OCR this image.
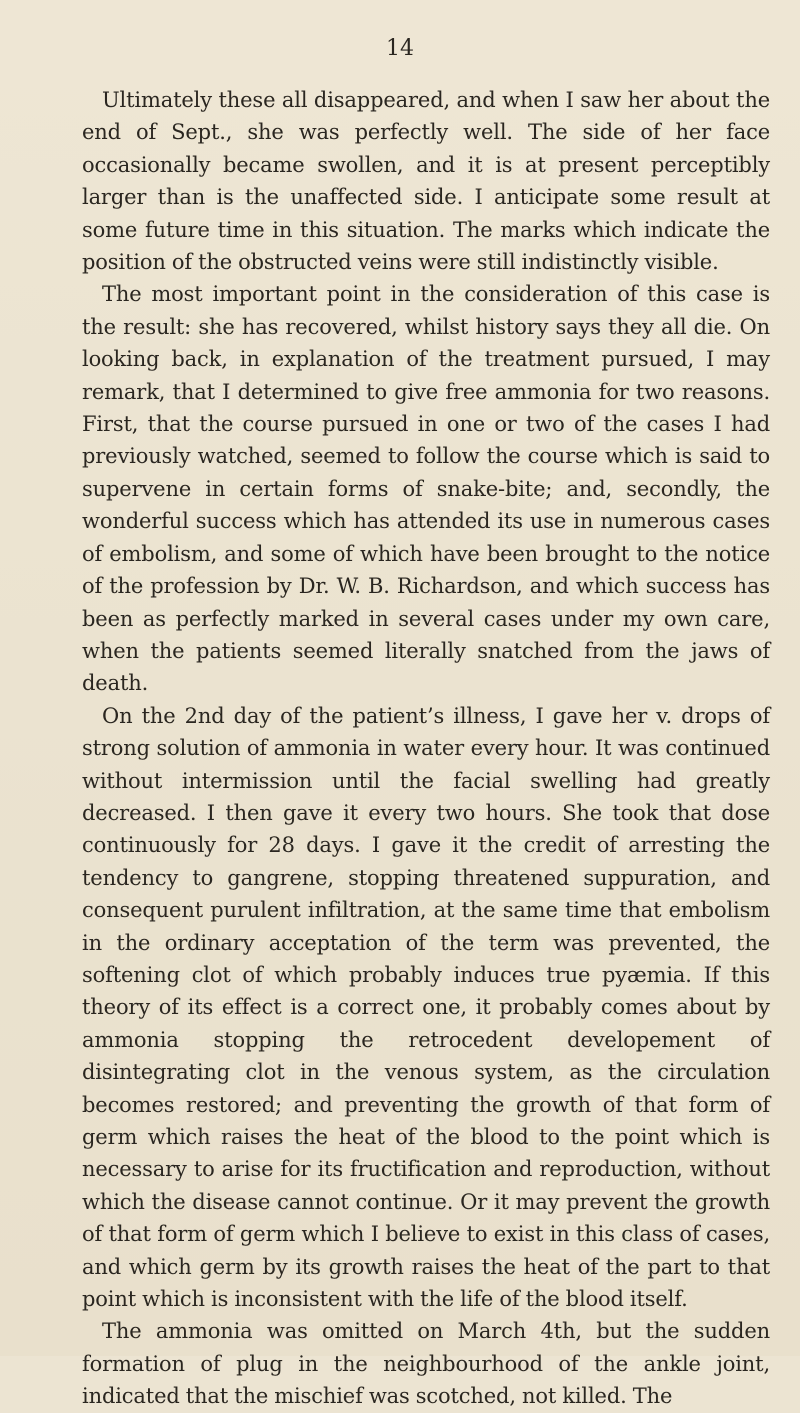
14

Ultimately these all disappeared, and when I saw her about the end of Sept., she was perfectly well. The side of her face occasionally became swollen, and it is at present perceptibly larger than is the unaffected side. I anticipate some result at some future time in this situation. The marks which indicate the position of the obstructed veins were still indistinctly visible.

The most important point in the consideration of this case is the result: she has recovered, whilst history says they all die. On looking back, in explanation of the treatment pursued, I may remark, that I determined to give free ammonia for two reasons. First, that the course pursued in one or two of the cases I had previously watched, seemed to follow the course which is said to supervene in certain forms of snake-bite; and, secondly, the wonderful success which has attended its use in numerous cases of embolism, and some of which have been brought to the notice of the profession by Dr. W. B. Richardson, and which success has been as perfectly marked in several cases under my own care, when the patients seemed literally snatched from the jaws of death.

On the 2nd day of the patient’s illness, I gave her v. drops of strong solution of ammonia in water every hour. It was continued without intermission until the facial swelling had greatly decreased. I then gave it every two hours. She took that dose continuously for 28 days. I gave it the credit of arresting the tendency to gangrene, stopping threatened suppuration, and consequent purulent infiltration, at the same time that embolism in the ordinary acceptation of the term was prevented, the softening clot of which probably induces true pyæmia. If this theory of its effect is a correct one, it probably comes about by ammonia stopping the retrocedent developement of disintegrating clot in the venous system, as the circulation becomes restored; and preventing the growth of that form of germ which raises the heat of the blood to the point which is necessary to arise for its fructification and reproduction, without which the disease cannot continue. Or it may prevent the growth of that form of germ which I believe to exist in this class of cases, and which germ by its growth raises the heat of the part to that point which is inconsistent with the life of the blood itself.

The ammonia was omitted on March 4th, but the sudden formation of plug in the neighbourhood of the ankle joint, indicated that the mischief was scotched, not killed. The
